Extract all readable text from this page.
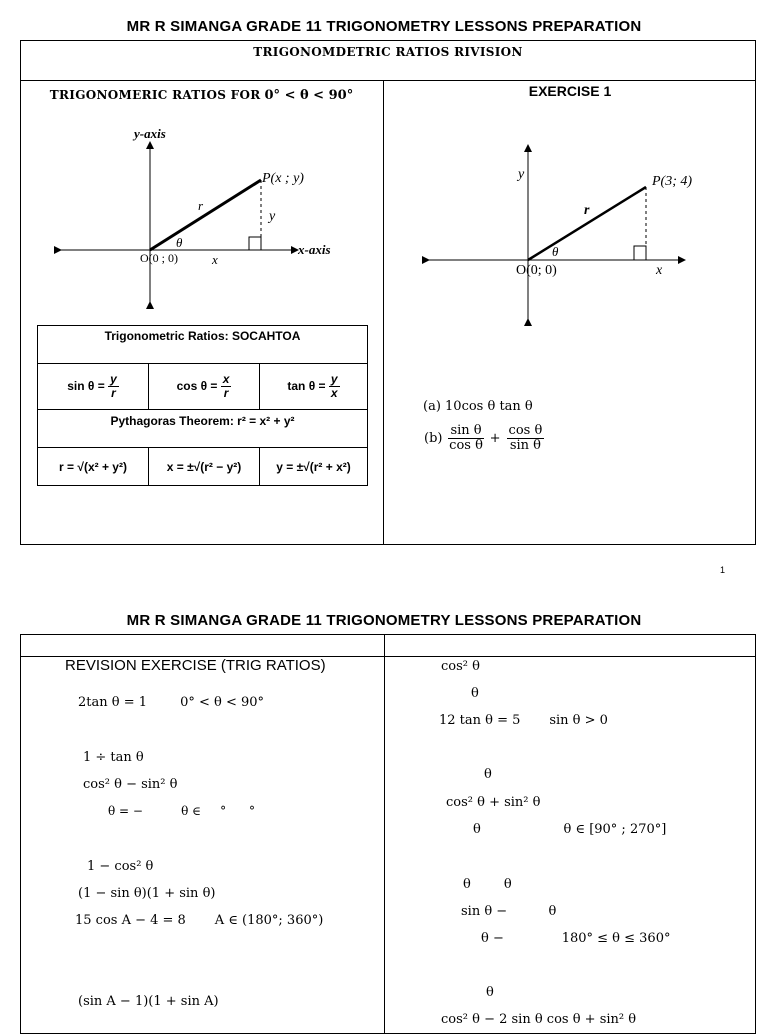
MR R SIMANGA GRADE 11 TRIGONOMETRY LESSONS PREPARATION
TRIGONOMDETRIC RATIOS RIVISION
TRIGONOMERIC RATIOS FOR 0° < θ < 90°
y-axis
x-axis
P(x ; y)
r
y
x
θ
O(0 ; 0)
Trigonometric Ratios: SOCAHTOA		
$\sin \theta = \frac{y}{r}$	$\cos \theta = \frac{x}{r}$	$\tan \theta = \frac{y}{x}$

Pythagoras Theorem: r² = x² + y²		
r = √(x² + y²)	x = ±√(r² − y²)	y = ±√(r² + x²)
EXERCISE 1
y
x
P(3; 4)
r
θ
O(0; 0)
(a) 10cos θ tan θ
$(b) \frac{\text{sin θ}}{\text{cos θ}} + \frac{\text{cos θ}}{\text{sin θ}}$
1
MR R SIMANGA GRADE 11 TRIGONOMETRY LESSONS PREPARATION
REVISION EXERCISE (TRIG RATIOS)
2tan θ = 1        0° < θ < 90°
1 ÷ tan θ
cos² θ − sin² θ
θ = −          θ ∈     °      °
1 − cos² θ
(1 − sin θ)(1 + sin θ)
15 cos A − 4 = 8       A ∈ (180°; 360°)
(sin A − 1)(1 + sin A)
cos² θ
θ
12 tan θ = 5       sin θ > 0
θ
cos² θ + sin² θ
θ                    θ ∈ [90° ; 270°]
θ        θ
sin θ −          θ
θ −              180° ≤ θ ≤ 360°
θ
cos² θ − 2 sin θ cos θ + sin² θ
